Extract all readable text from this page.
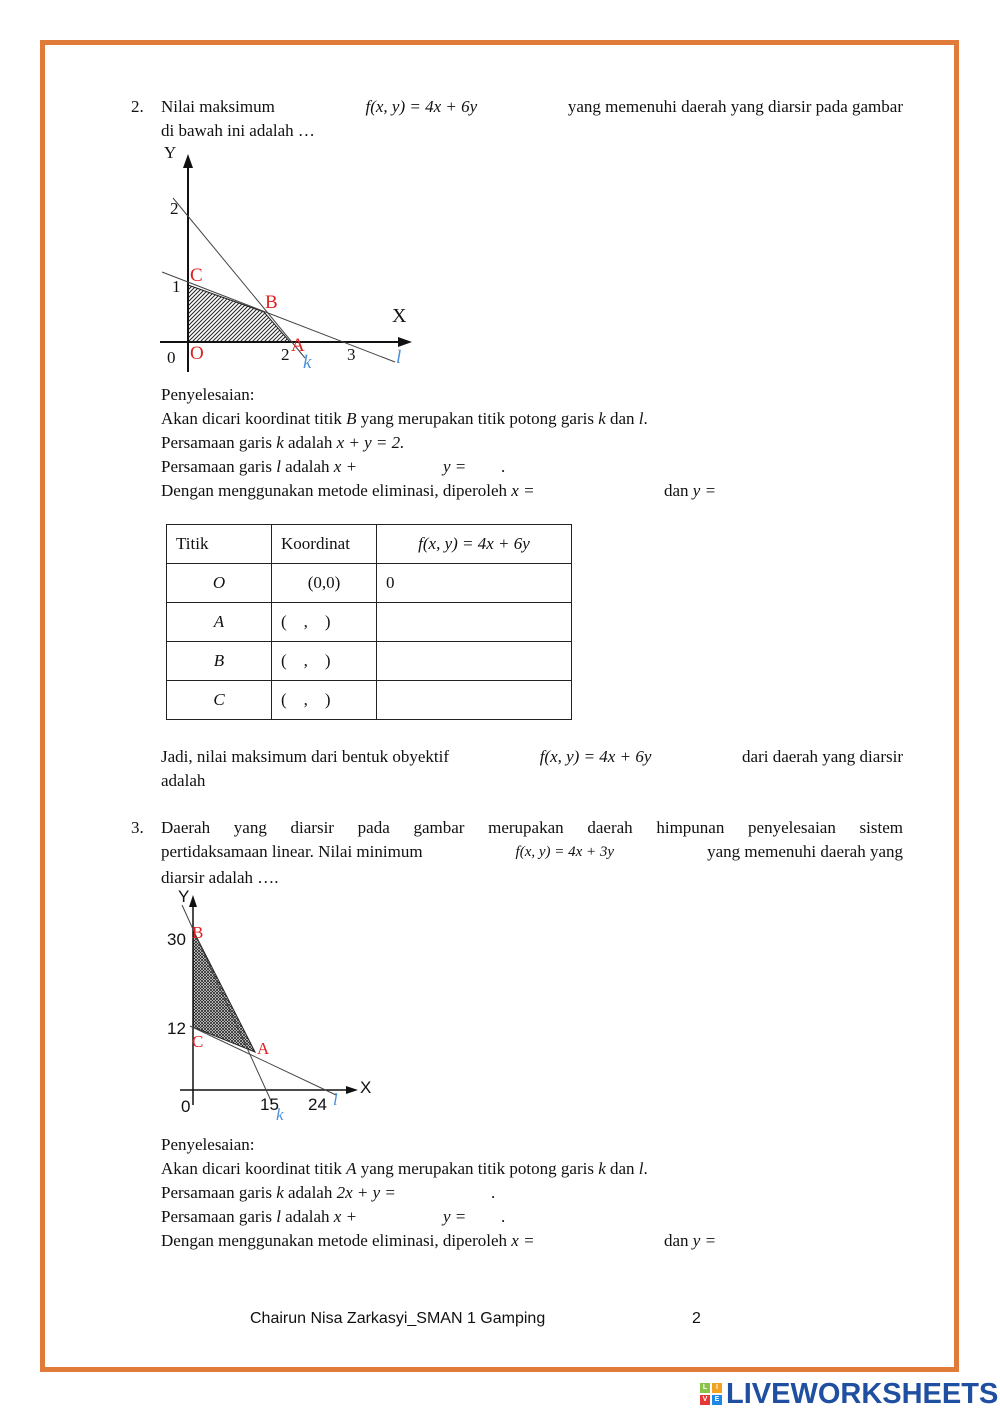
2. Nilai maksimum	f(x, y) = 4x + 6y	yang memenuhi daerah yang diarsir pada gambar
di bawah ini adalah …
Y
X
2
1
0	2	3
C
B
O	A
k	l
Penyelesaian:
Akan dicari koordinat titik B yang merupakan titik potong garis k dan l.
Persamaan garis k adalah x + y = 2.
Persamaan garis l adalah x +	y = .
Dengan menggunakan metode eliminasi, diperoleh x =	dan y =
Titik	Koordinat	f(x, y) = 4x + 6y
O	(0,0)	0
A	(    ,    )	
B	(    ,    )	
C	(    ,    )	
Jadi, nilai maksimum dari bentuk obyektif	f(x, y) = 4x + 6y	dari daerah yang diarsir
adalah
3. Daerah yang diarsir pada gambar merupakan daerah himpunan penyelesaian sistem
pertidaksamaan linear. Nilai minimum	f(x, y) = 4x + 3y	yang memenuhi daerah yang
diarsir adalah ….
Y
X
30
12
0	15 24
B
C	A
k
l
Penyelesaian:
Akan dicari koordinat titik A yang merupakan titik potong garis k dan l.
Persamaan garis k adalah 2x + y =	.
Persamaan garis l adalah x +	y = .
Dengan menggunakan metode eliminasi, diperoleh x =	dan y =
Chairun Nisa Zarkasyi_SMAN 1 Gamping	2
L	I
V	E LIVEWORKSHEETS
